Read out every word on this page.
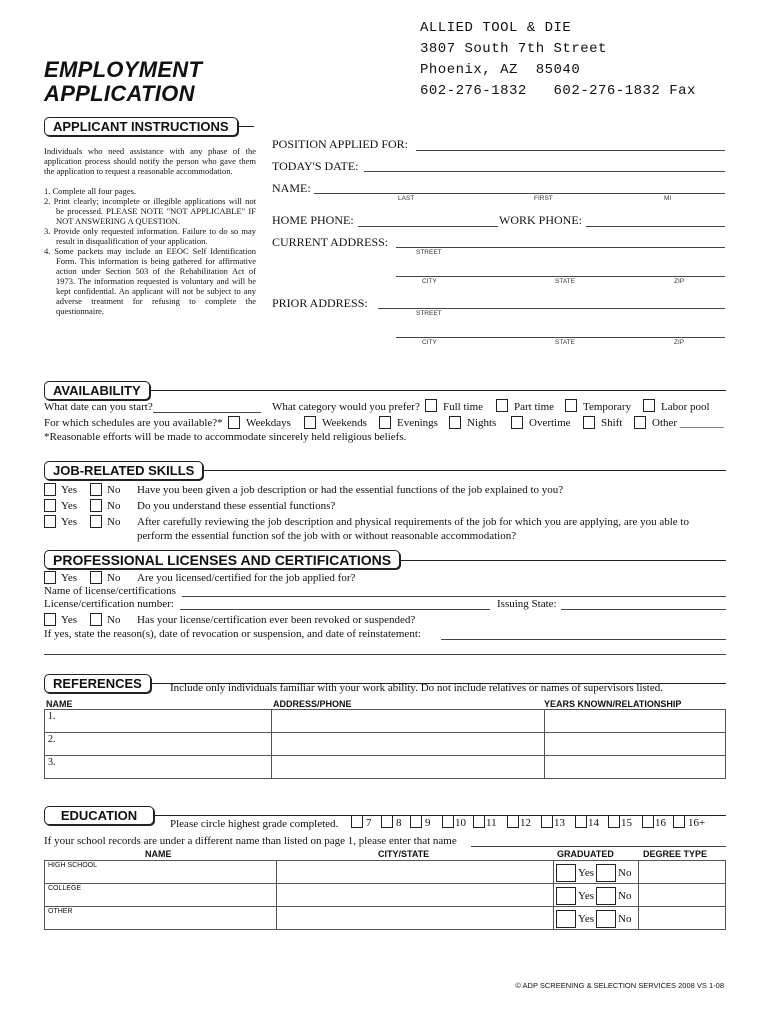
ALLIED TOOL & DIE
3807 South 7th Street
Phoenix, AZ  85040
602-276-1832   602-276-1832 Fax
EMPLOYMENT
APPLICATION
APPLICANT INSTRUCTIONS
Individuals who need assistance with any phase of the application process should notify the person who gave them the application to request a reasonable accommodation.
1. Complete all four pages.
2. Print clearly; incomplete or illegible applications will not be processed. PLEASE NOTE "NOT APPLICABLE" IF NOT ANSWERING A QUESTION.
3. Provide only requested information. Failure to do so may result in disqualification of your application.
4. Some packets may include an EEOC Self Identification Form. This information is being gathered for affirmative action under Section 503 of the Rehabilitation Act of 1973. The information requested is voluntary and will be kept confidential. An applicant will not be subject to any adverse treatment for refusing to complete the questionnaire.
POSITION APPLIED FOR:
TODAY'S DATE:
NAME:
LAST	FIRST	MI
HOME PHONE:	WORK PHONE:
CURRENT ADDRESS:
STREET
CITY	STATE	ZIP
PRIOR ADDRESS:
STREET
CITY	STATE	ZIP
AVAILABILITY
What date can you start?	What category would you prefer? Full time	Part time	Temporary	Labor pool
For which schedules are you available?* Weekdays	Weekends	Evenings	Nights	Overtime	Shift	Other ________
*Reasonable efforts will be made to accommodate sincerely held religious beliefs.
JOB-RELATED SKILLS
Yes	No Have you been given a job description or had the essential functions of the job explained to you?
Yes	No Do you understand these essential functions?
Yes	No After carefully reviewing the job description and physical requirements of the job for which you are applying, are you able to
perform the essential function sof the job with or without reasonable accommodation?
PROFESSIONAL LICENSES AND CERTIFICATIONS
Yes	No Are you licensed/certified for the job applied for?
Name of license/certifications
License/certification number:	Issuing State:
Yes	No Has your license/certification ever been revoked or suspended?
If yes, state the reason(s), date of revocation or suspension, and date of reinstatement:
REFERENCES	Include only individuals familiar with your work ability. Do not include relatives or names of supervisors listed.
NAME	ADDRESS/PHONE	YEARS KNOWN/RELATIONSHIP
1.		
2.		
3.		
EDUCATION
Please circle highest grade completed.	7 8 9 10 11 12 13 14 15 16 16+
If your school records are under a different name than listed on page 1, please enter that name
NAME	CITY/STATE	GRADUATED	DEGREE TYPE
HIGH SCHOOL		Yes No	

COLLEGE		Yes No	

OTHER		Yes No	

© ADP SCREENING & SELECTION SERVICES 2008 VS 1-08
